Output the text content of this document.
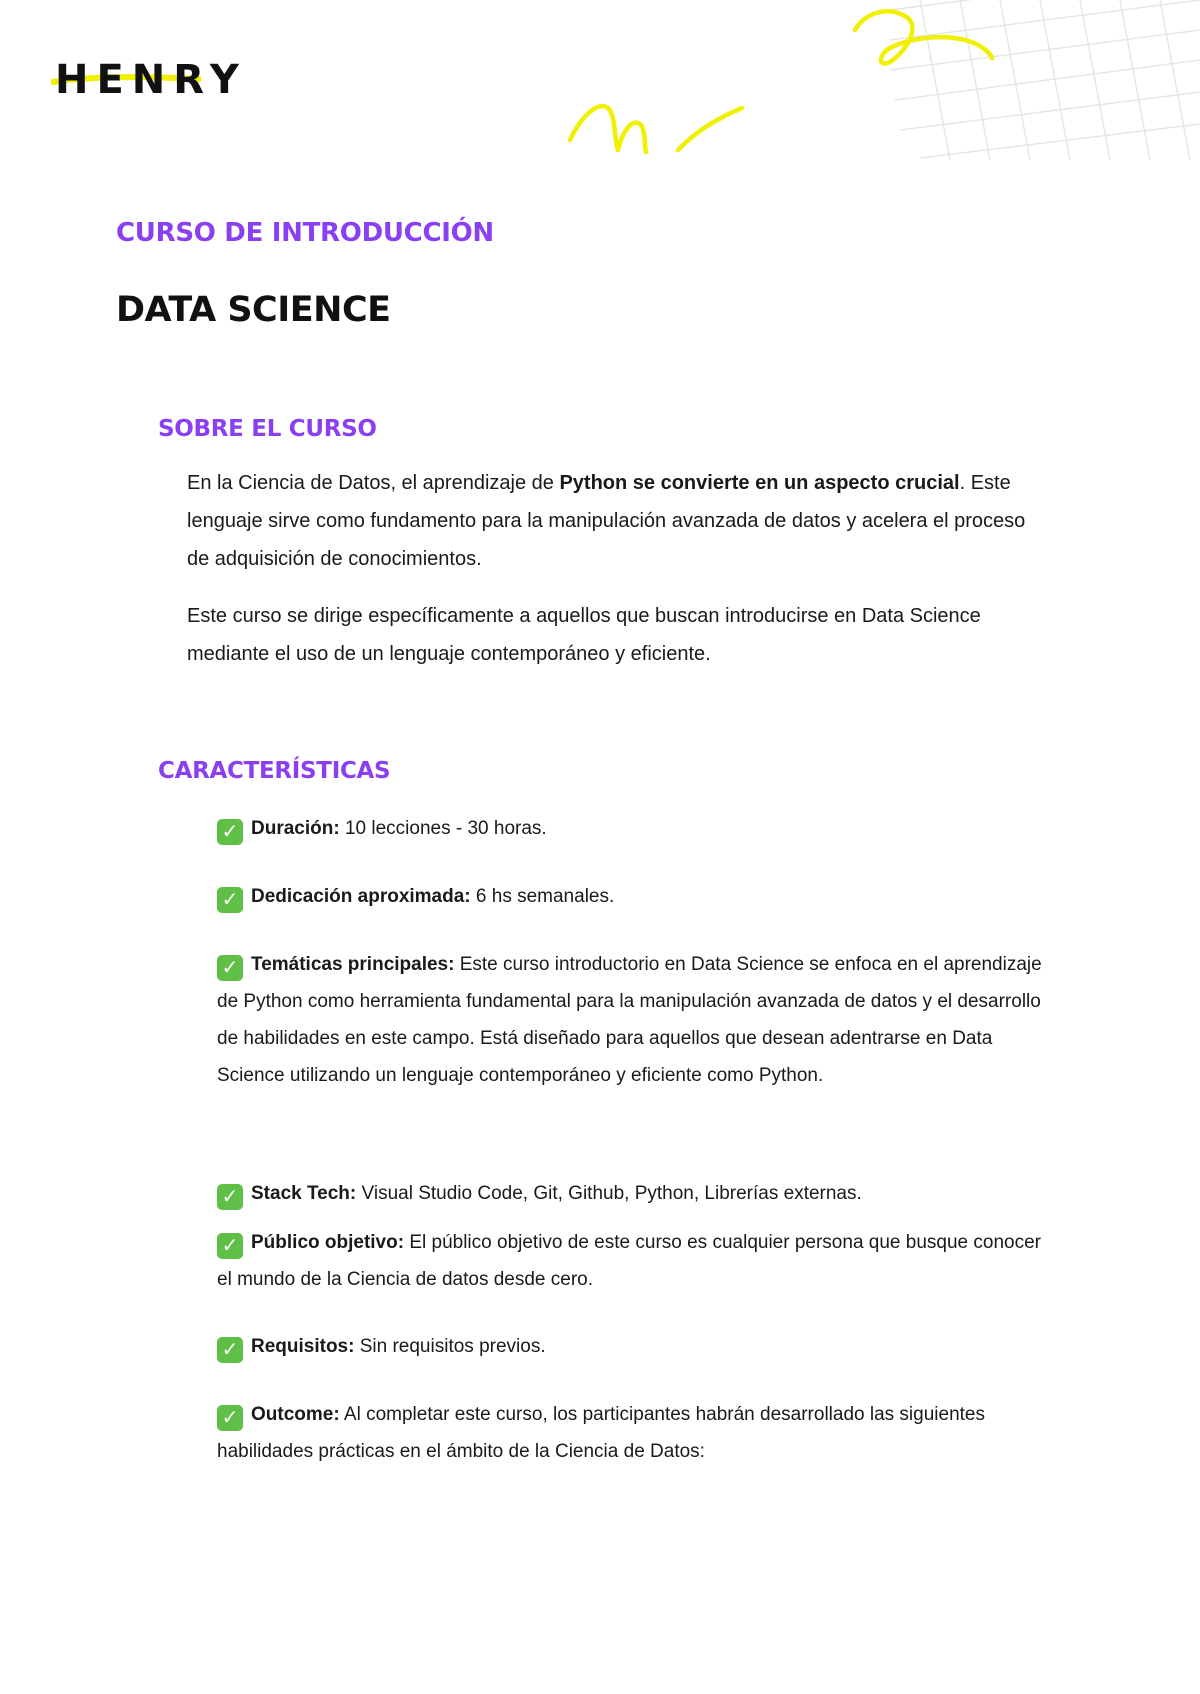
HENRY
CURSO DE INTRODUCCIÓN
DATA SCIENCE
SOBRE EL CURSO

En la Ciencia de Datos, el aprendizaje de Python se convierte en un aspecto crucial. Este lenguaje sirve como fundamento para la manipulación avanzada de datos y acelera el proceso de adquisición de conocimientos.

Este curso se dirige específicamente a aquellos que buscan introducirse en Data Science mediante el uso de un lenguaje contemporáneo y eficiente.

CARACTERÍSTICAS
✓ Duración: 10 lecciones - 30 horas.
✓ Dedicación aproximada: 6 hs semanales.
✓ Temáticas principales: Este curso introductorio en Data Science se enfoca en el aprendizaje de Python como herramienta fundamental para la manipulación avanzada de datos y el desarrollo de habilidades en este campo. Está diseñado para aquellos que desean adentrarse en Data Science utilizando un lenguaje contemporáneo y eficiente como Python.
✓ Stack Tech: Visual Studio Code, Git, Github, Python, Librerías externas.
✓ Público objetivo: El público objetivo de este curso es cualquier persona que busque conocer el mundo de la Ciencia de datos desde cero.
✓ Requisitos: Sin requisitos previos.
✓ Outcome: Al completar este curso, los participantes habrán desarrollado las siguientes habilidades prácticas en el ámbito de la Ciencia de Datos:
